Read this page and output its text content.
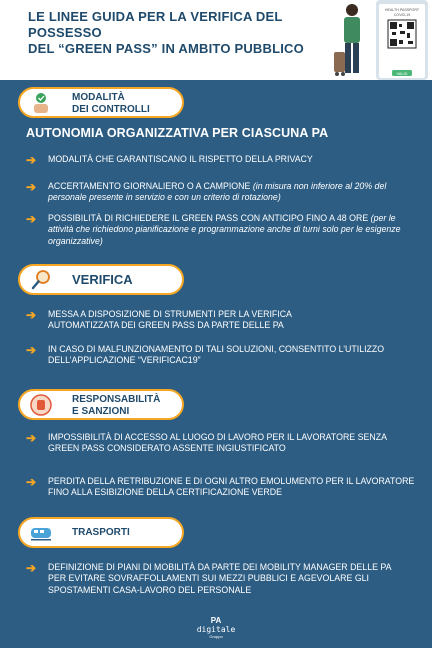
LE LINEE GUIDA PER LA VERIFICA DEL POSSESSO
DEL “GREEN PASS” IN AMBITO PUBBLICO
HEALTH PASSPORT
COVID-19
VALID
MODALITÀ
DEI CONTROLLI
AUTONOMIA ORGANIZZATIVA PER CIASCUNA PA
➔	MODALITÀ CHE GARANTISCANO IL RISPETTO DELLA PRIVACY
➔	ACCERTAMENTO GIORNALIERO O A CAMPIONE (in misura non inferiore al 20% del personale presente in servizio e con un criterio di rotazione)
➔	POSSIBILITÀ DI RICHIEDERE IL GREEN PASS CON ANTICIPO FINO A 48 ORE (per le attività che richiedono pianificazione e programmazione anche di turni solo per le esigenze organizzative)
VERIFICA
➔	MESSA A DISPOSIZIONE DI STRUMENTI PER LA VERIFICA AUTOMATIZZATA DEI GREEN PASS DA PARTE DELLE PA
➔	IN CASO DI MALFUNZIONAMENTO DI TALI SOLUZIONI, CONSENTITO L’UTILIZZO DELL’APPLICAZIONE “VERIFICAC19”
RESPONSABILITÀ
E SANZIONI
➔	IMPOSSIBILITÀ DI ACCESSO AL LUOGO DI LAVORO PER IL LAVORATORE SENZA GREEN PASS CONSIDERATO ASSENTE INGIUSTIFICATO
➔	PERDITA DELLA RETRIBUZIONE E DI OGNI ALTRO EMOLUMENTO PER IL LAVORATORE FINO ALLA ESIBIZIONE DELLA CERTIFICAZIONE VERDE
TRASPORTI
➔	DEFINIZIONE DI PIANI DI MOBILITÀ DA PARTE DEI MOBILITY MANAGER DELLE PA PER EVITARE SOVRAFFOLLAMENTI SUI MEZZI PUBBLICI E AGEVOLARE GLI SPOSTAMENTI CASA-LAVORO DEL PERSONALE
PA
digitale
Gruppo
